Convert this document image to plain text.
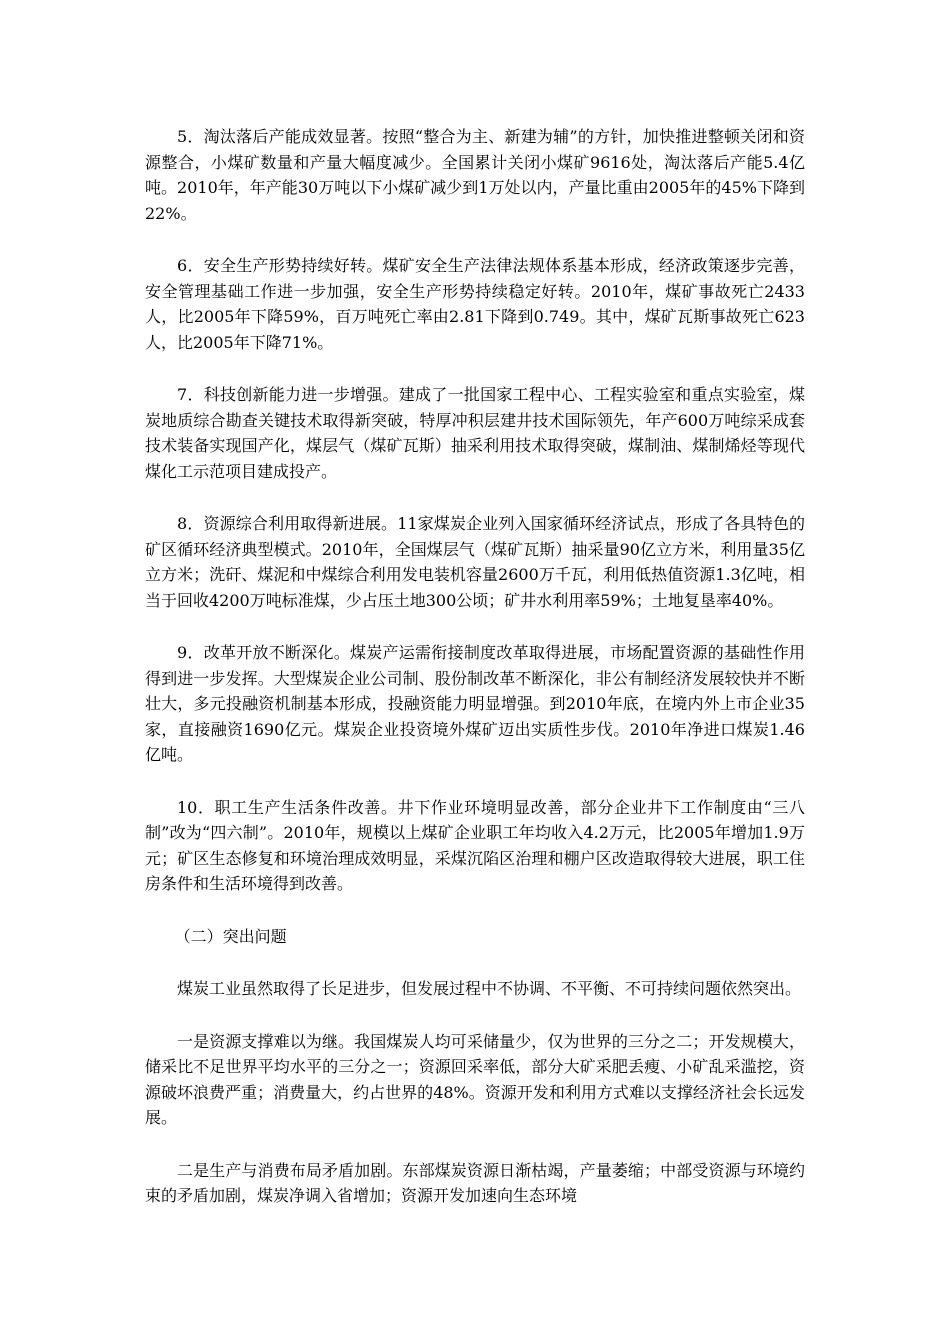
5．淘汰落后产能成效显著。按照“整合为主、新建为辅”的方针，加快推进整顿关闭和资源整合，小煤矿数量和产量大幅度减少。全国累计关闭小煤矿9616处，淘汰落后产能5.4亿吨。2010年，年产能30万吨以下小煤矿减少到1万处以内，产量比重由2005年的45%下降到22%。

6．安全生产形势持续好转。煤矿安全生产法律法规体系基本形成，经济政策逐步完善，安全管理基础工作进一步加强，安全生产形势持续稳定好转。2010年，煤矿事故死亡2433人，比2005年下降59%，百万吨死亡率由2.81下降到0.749。其中，煤矿瓦斯事故死亡623人，比2005年下降71%。

7．科技创新能力进一步增强。建成了一批国家工程中心、工程实验室和重点实验室，煤炭地质综合勘查关键技术取得新突破，特厚冲积层建井技术国际领先，年产600万吨综采成套技术装备实现国产化，煤层气（煤矿瓦斯）抽采利用技术取得突破，煤制油、煤制烯烃等现代煤化工示范项目建成投产。

8．资源综合利用取得新进展。11家煤炭企业列入国家循环经济试点，形成了各具特色的矿区循环经济典型模式。2010年，全国煤层气（煤矿瓦斯）抽采量90亿立方米，利用量35亿立方米；洗矸、煤泥和中煤综合利用发电装机容量2600万千瓦，利用低热值资源1.3亿吨，相当于回收4200万吨标准煤，少占压土地300公顷；矿井水利用率59%；土地复垦率40%。

9．改革开放不断深化。煤炭产运需衔接制度改革取得进展，市场配置资源的基础性作用得到进一步发挥。大型煤炭企业公司制、股份制改革不断深化，非公有制经济发展较快并不断壮大，多元投融资机制基本形成，投融资能力明显增强。到2010年底，在境内外上市企业35家，直接融资1690亿元。煤炭企业投资境外煤矿迈出实质性步伐。2010年净进口煤炭1.46亿吨。

10．职工生产生活条件改善。井下作业环境明显改善，部分企业井下工作制度由“三八制”改为“四六制”。2010年，规模以上煤矿企业职工年均收入4.2万元，比2005年增加1.9万元；矿区生态修复和环境治理成效明显，采煤沉陷区治理和棚户区改造取得较大进展，职工住房条件和生活环境得到改善。

（二）突出问题

煤炭工业虽然取得了长足进步，但发展过程中不协调、不平衡、不可持续问题依然突出。

一是资源支撑难以为继。我国煤炭人均可采储量少，仅为世界的三分之二；开发规模大，储采比不足世界平均水平的三分之一；资源回采率低，部分大矿采肥丢瘦、小矿乱采滥挖，资源破坏浪费严重；消费量大，约占世界的48%。资源开发和利用方式难以支撑经济社会长远发展。

二是生产与消费布局矛盾加剧。东部煤炭资源日渐枯竭，产量萎缩；中部受资源与环境约束的矛盾加剧，煤炭净调入省增加；资源开发加速向生态环境
